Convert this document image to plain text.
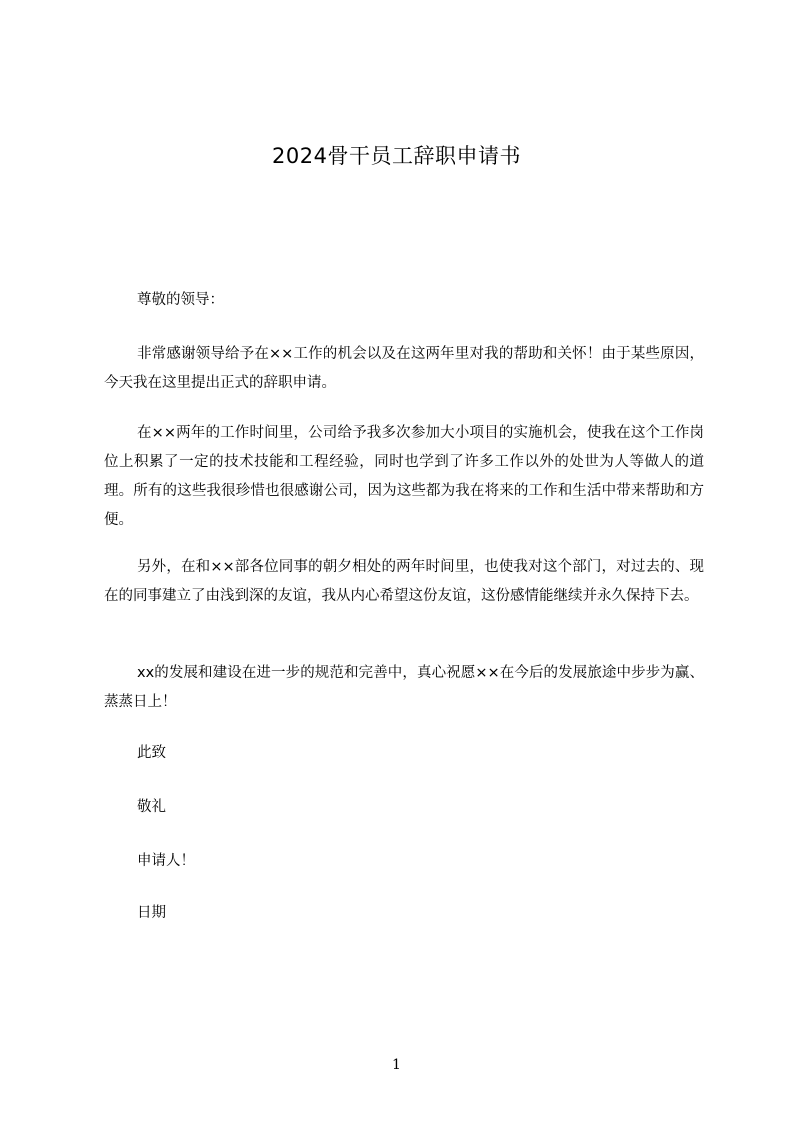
2024骨干员工辞职申请书
尊敬的领导：

非常感谢领导给予在××工作的机会以及在这两年里对我的帮助和关怀！由于某些原因，今天我在这里提出正式的辞职申请。

在××两年的工作时间里，公司给予我多次参加大小项目的实施机会，使我在这个工作岗位上积累了一定的技术技能和工程经验，同时也学到了许多工作以外的处世为人等做人的道理。所有的这些我很珍惜也很感谢公司，因为这些都为我在将来的工作和生活中带来帮助和方便。

另外，在和××部各位同事的朝夕相处的两年时间里，也使我对这个部门，对过去的、现在的同事建立了由浅到深的友谊，我从内心希望这份友谊，这份感情能继续并永久保持下去。

xx的发展和建设在进一步的规范和完善中，真心祝愿××在今后的发展旅途中步步为赢、蒸蒸日上！

此致
敬礼
申请人！
日期
1
